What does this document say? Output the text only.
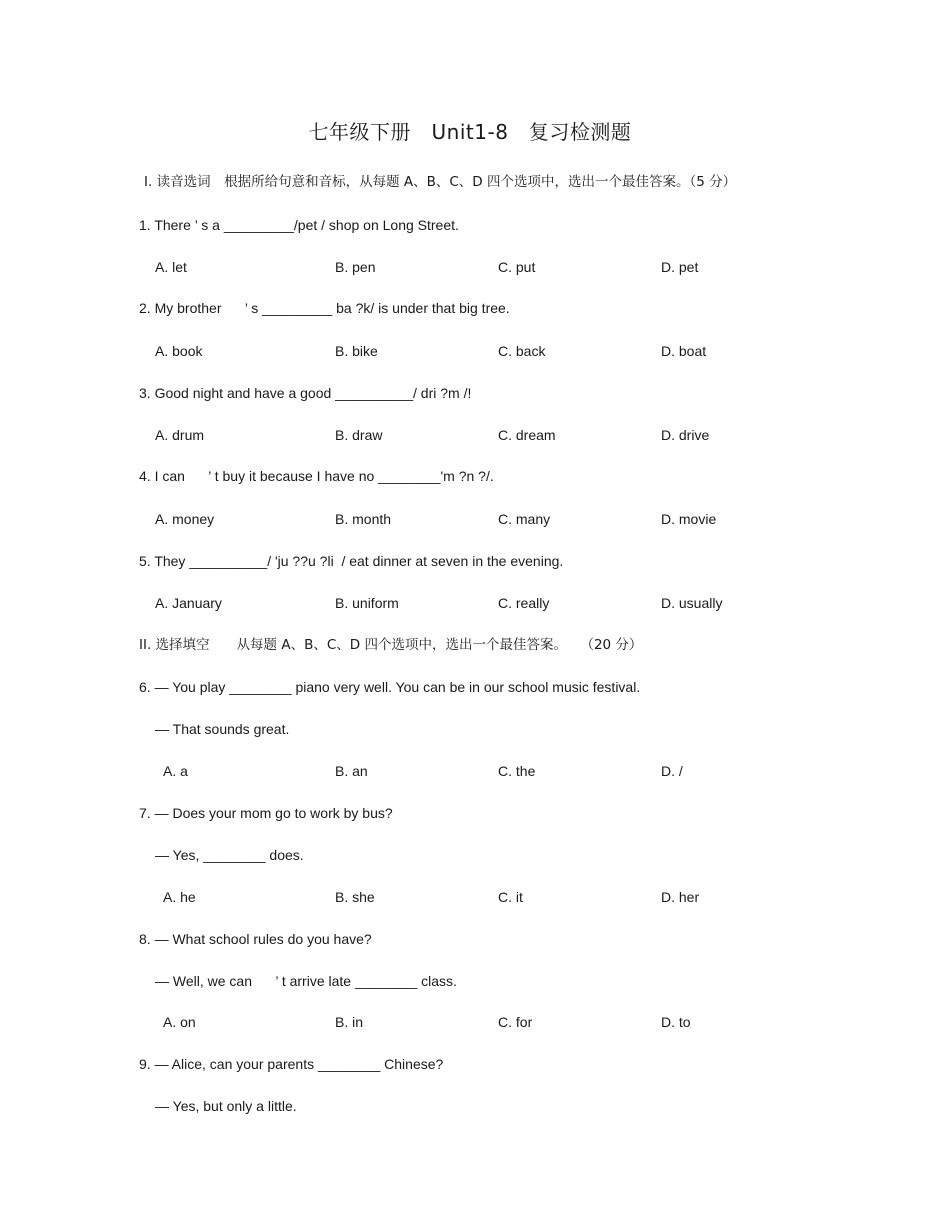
七年级下册　Unit1-8　复习检测题
Ⅰ. 读音选词　根据所给句意和音标，从每题 A、B、C、D 四个选项中，选出一个最佳答案。（5 分）
1. There ’ s a _________/pet / shop on Long Street.
A. let	B. pen	C. put	D. pet
2. My brother      ’ s _________ ba ?k/ is under that big tree.
A. book	B. bike	C. back	D. boat
3. Good night and have a good __________/ dri ?m /!
A. drum	B. draw	C. dream	D. drive
4. I can      ’ t buy it because I have no ________'m ?n ?/.
A. money	B. month	C. many	D. movie
5. They __________/ 'ju ??u ?li  / eat dinner at seven in the evening.
A. January	B. uniform	C. really	D. usually
II. 选择填空　　从每题 A、B、C、D 四个选项中，选出一个最佳答案。　　（20 分）
6. — You play ________ piano very well. You can be in our school music festival.
— That sounds great.
A. a	B. an	C. the	D. /
7. — Does your mom go to work by bus?
— Yes, ________ does.
A. he	B. she	C. it	D. her
8. — What school rules do you have?
— Well, we can      ’ t arrive late ________ class.
A. on	B. in	C. for	D. to
9. — Alice, can your parents ________ Chinese?
— Yes, but only a little.
